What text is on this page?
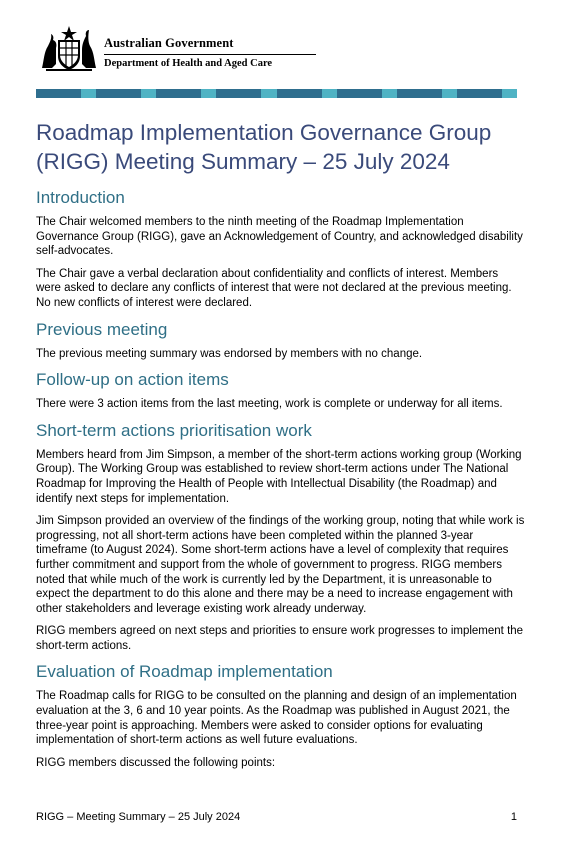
Australian Government
Department of Health and Aged Care
Roadmap Implementation Governance Group
(RIGG) Meeting Summary – 25 July 2024
Introduction

The Chair welcomed members to the ninth meeting of the Roadmap Implementation Governance Group (RIGG), gave an Acknowledgement of Country, and acknowledged disability self-advocates.

The Chair gave a verbal declaration about confidentiality and conflicts of interest. Members were asked to declare any conflicts of interest that were not declared at the previous meeting. No new conflicts of interest were declared.

Previous meeting

The previous meeting summary was endorsed by members with no change.

Follow-up on action items

There were 3 action items from the last meeting, work is complete or underway for all items.

Short-term actions prioritisation work

Members heard from Jim Simpson, a member of the short-term actions working group (Working Group). The Working Group was established to review short-term actions under The National Roadmap for Improving the Health of People with Intellectual Disability (the Roadmap) and identify next steps for implementation.

Jim Simpson provided an overview of the findings of the working group, noting that while work is progressing, not all short-term actions have been completed within the planned 3-year timeframe (to August 2024). Some short-term actions have a level of complexity that requires further commitment and support from the whole of government to progress. RIGG members noted that while much of the work is currently led by the Department, it is unreasonable to expect the department to do this alone and there may be a need to increase engagement with other stakeholders and leverage existing work already underway.

RIGG members agreed on next steps and priorities to ensure work progresses to implement the short-term actions.

Evaluation of Roadmap implementation

The Roadmap calls for RIGG to be consulted on the planning and design of an implementation evaluation at the 3, 6 and 10 year points. As the Roadmap was published in August 2021, the three-year point is approaching. Members were asked to consider options for evaluating implementation of short-term actions as well future evaluations.

RIGG members discussed the following points:

RIGG – Meeting Summary – 25 July 2024	1
